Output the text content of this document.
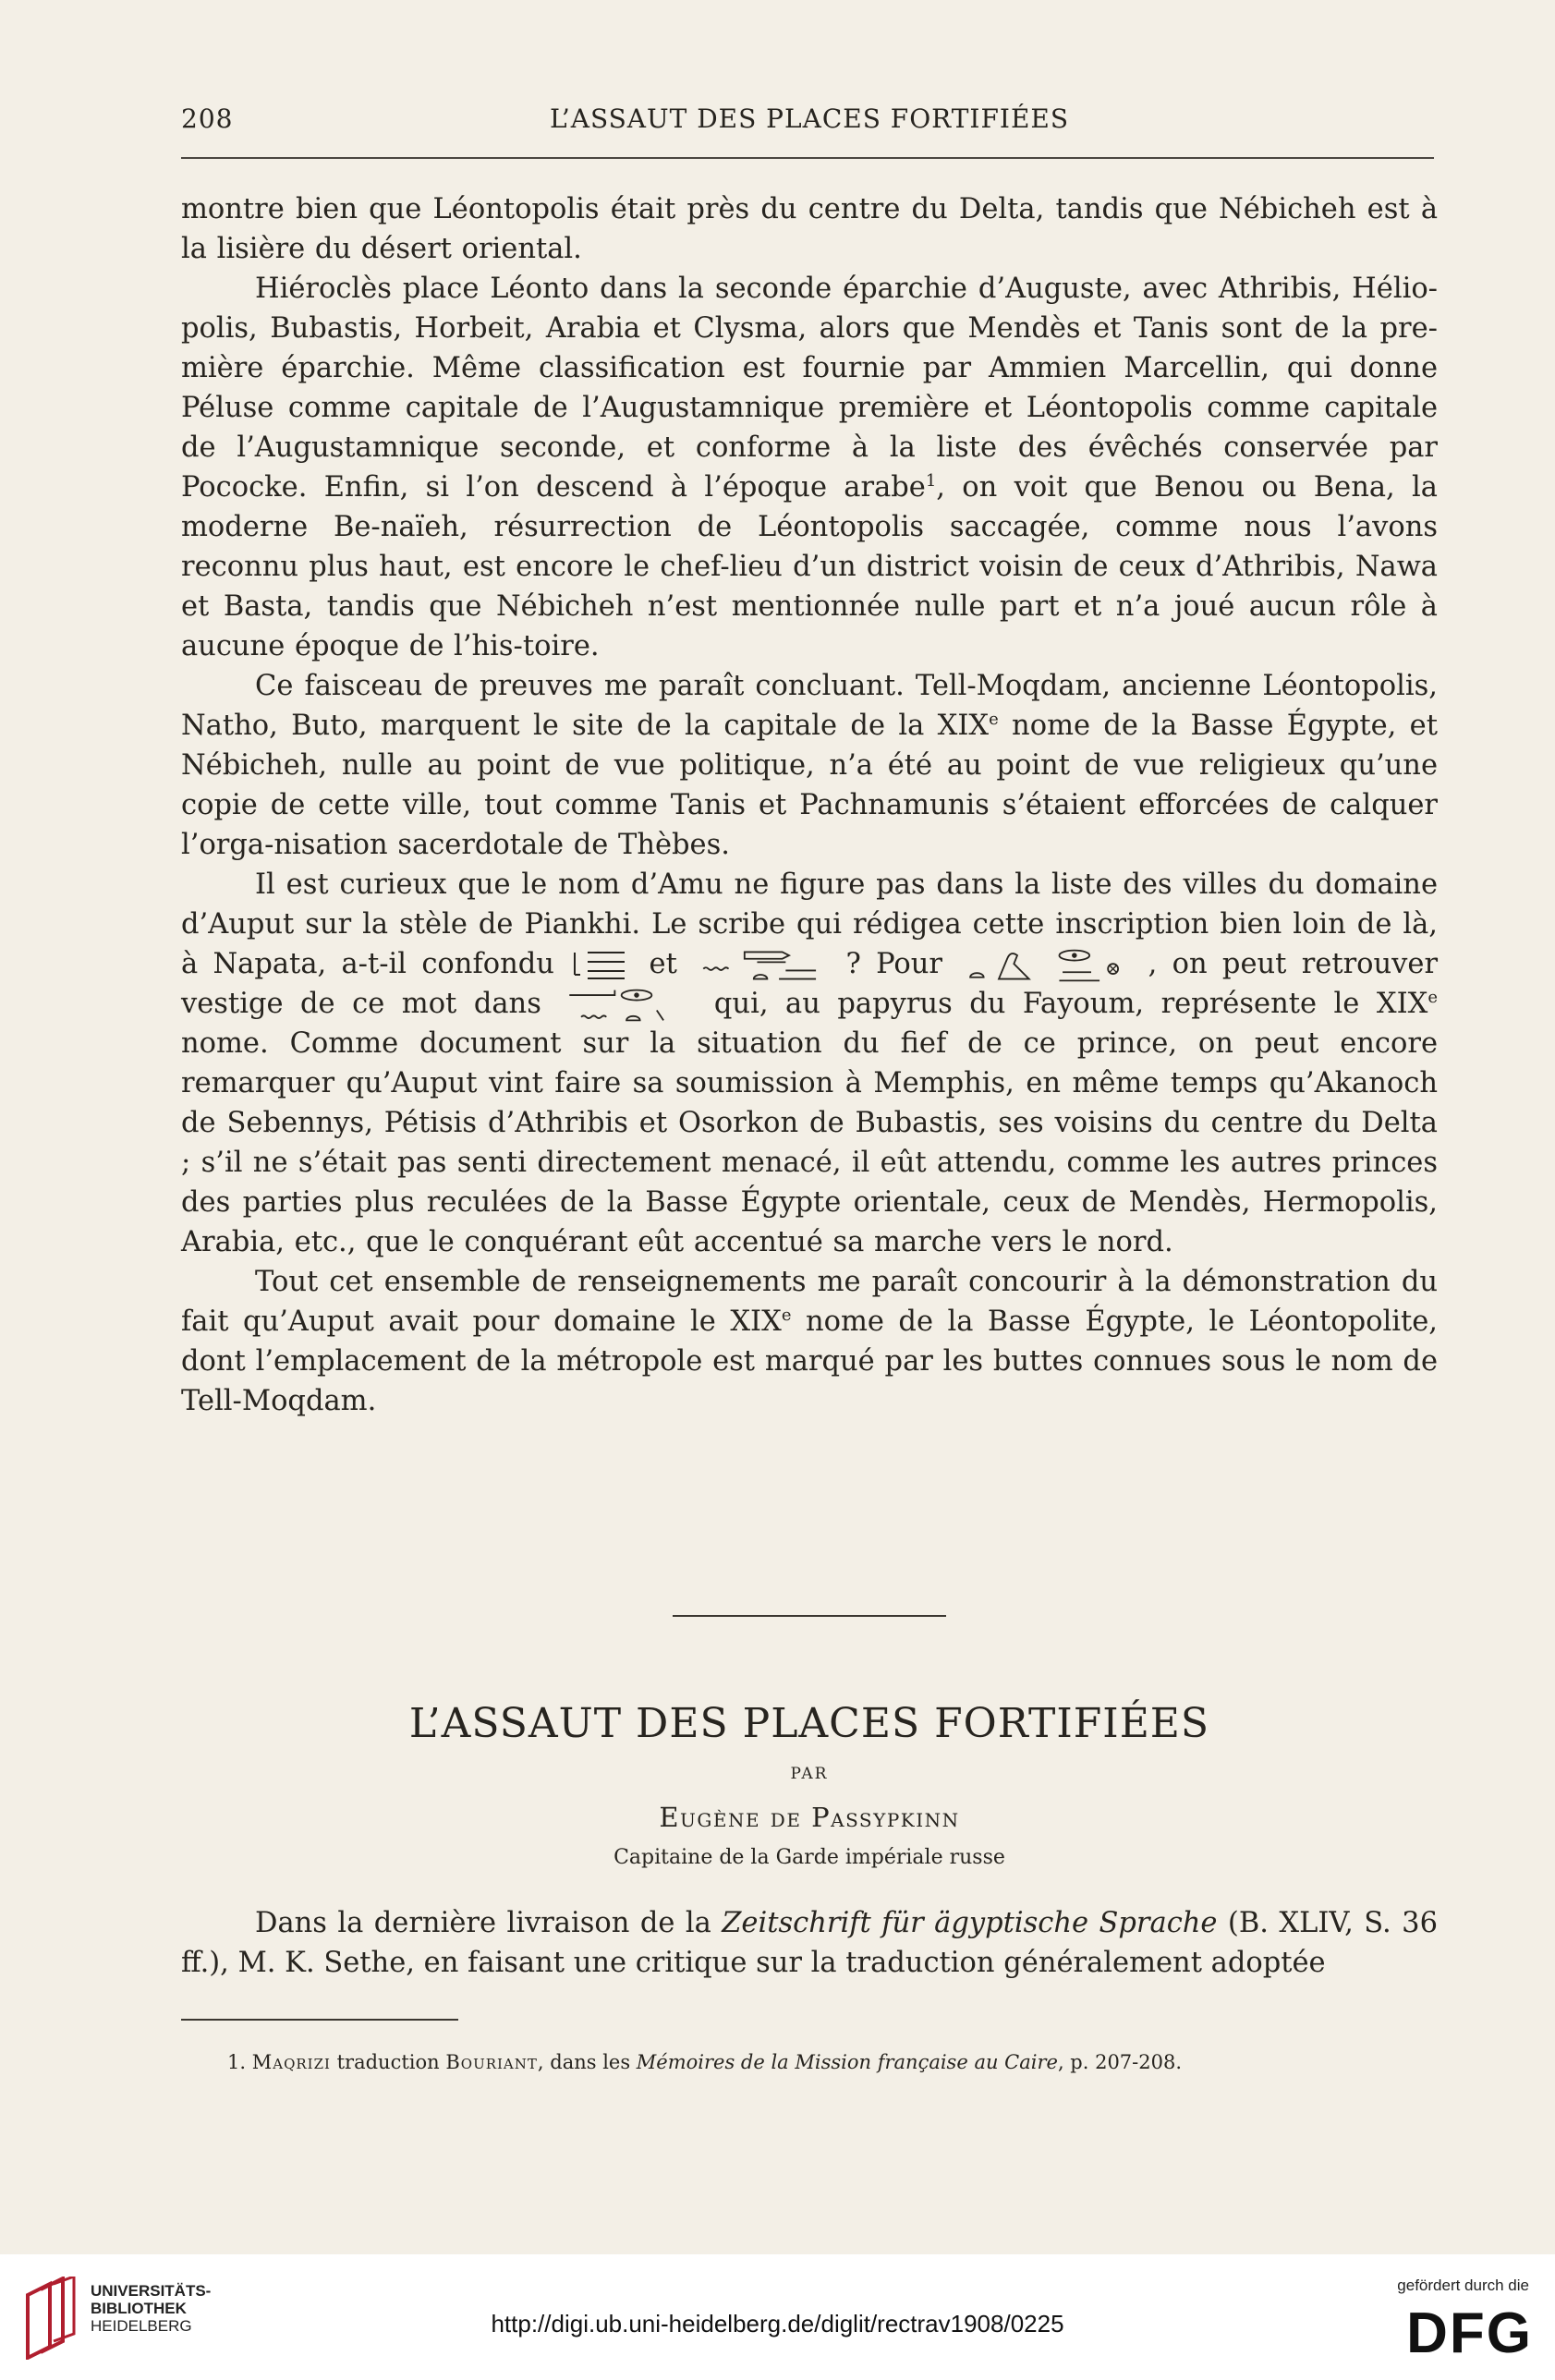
208	L’ASSAUT DES PLACES FORTIFIÉES

montre bien que Léontopolis était près du centre du Delta, tandis que Nébicheh est à la lisière du désert oriental.

Hiéroclès place Léonto dans la seconde éparchie d’Auguste, avec Athribis, Hélio-polis, Bubastis, Horbeit, Arabia et Clysma, alors que Mendès et Tanis sont de la pre-mière éparchie. Même classification est fournie par Ammien Marcellin, qui donne Péluse comme capitale de l’Augustamnique première et Léontopolis comme capitale de l’Augustamnique seconde, et conforme à la liste des évêchés conservée par Pococke. Enfin, si l’on descend à l’époque arabe$^1$, on voit que Benou ou Bena, la moderne Be-naïeh, résurrection de Léontopolis saccagée, comme nous l’avons reconnu plus haut, est encore le chef-lieu d’un district voisin de ceux d’Athribis, Nawa et Basta, tandis que Nébicheh n’est mentionnée nulle part et n’a joué aucun rôle à aucune époque de l’his-toire.

Ce faisceau de preuves me paraît concluant. Tell-Moqdam, ancienne Léontopolis, Natho, Buto, marquent le site de la capitale de la XIXe nome de la Basse Égypte, et Nébicheh, nulle au point de vue politique, n’a été au point de vue religieux qu’une copie de cette ville, tout comme Tanis et Pachnamunis s’étaient efforcées de calquer l’orga-nisation sacerdotale de Thèbes.

Il est curieux que le nom d’Amu ne figure pas dans la liste des villes du domaine d’Auput sur la stèle de Piankhi. Le scribe qui rédigea cette inscription bien loin de là, à Napata, a-t-il confondu	et	? Pour	, on peut retrouver vestige de ce mot dans	qui, au papyrus du Fayoum, représente le XIXe nome. Comme document sur la situation du fief de ce prince, on peut encore remarquer qu’Auput vint faire sa soumission à Memphis, en même temps qu’Akanoch de Sebennys, Pétisis d’Athribis et Osorkon de Bubastis, ses voisins du centre du Delta ; s’il ne s’était pas senti directement menacé, il eût attendu, comme les autres princes des parties plus reculées de la Basse Égypte orientale, ceux de Mendès, Hermopolis, Arabia, etc., que le conquérant eût accentué sa marche vers le nord.

Tout cet ensemble de renseignements me paraît concourir à la démonstration du fait qu’Auput avait pour domaine le XIXe nome de la Basse Égypte, le Léontopolite, dont l’emplacement de la métropole est marqué par les buttes connues sous le nom de Tell-Moqdam.

L’ASSAUT DES PLACES FORTIFIÉES
PAR
Eugène de Passypkinn
Capitaine de la Garde impériale russe

Dans la dernière livraison de la Zeitschrift für ägyptische Sprache (B. XLIV, S. 36 ff.), M. K. Sethe, en faisant une critique sur la traduction généralement adoptée

1. Maqrizi traduction Bouriant, dans les Mémoires de la Mission française au Caire, p. 207-208.
UNIVERSITÄTS-
BIBLIOTHEK
HEIDELBERG	http://digi.ub.uni-heidelberg.de/diglit/rectrav1908/0225
gefördert durch die
DFG
